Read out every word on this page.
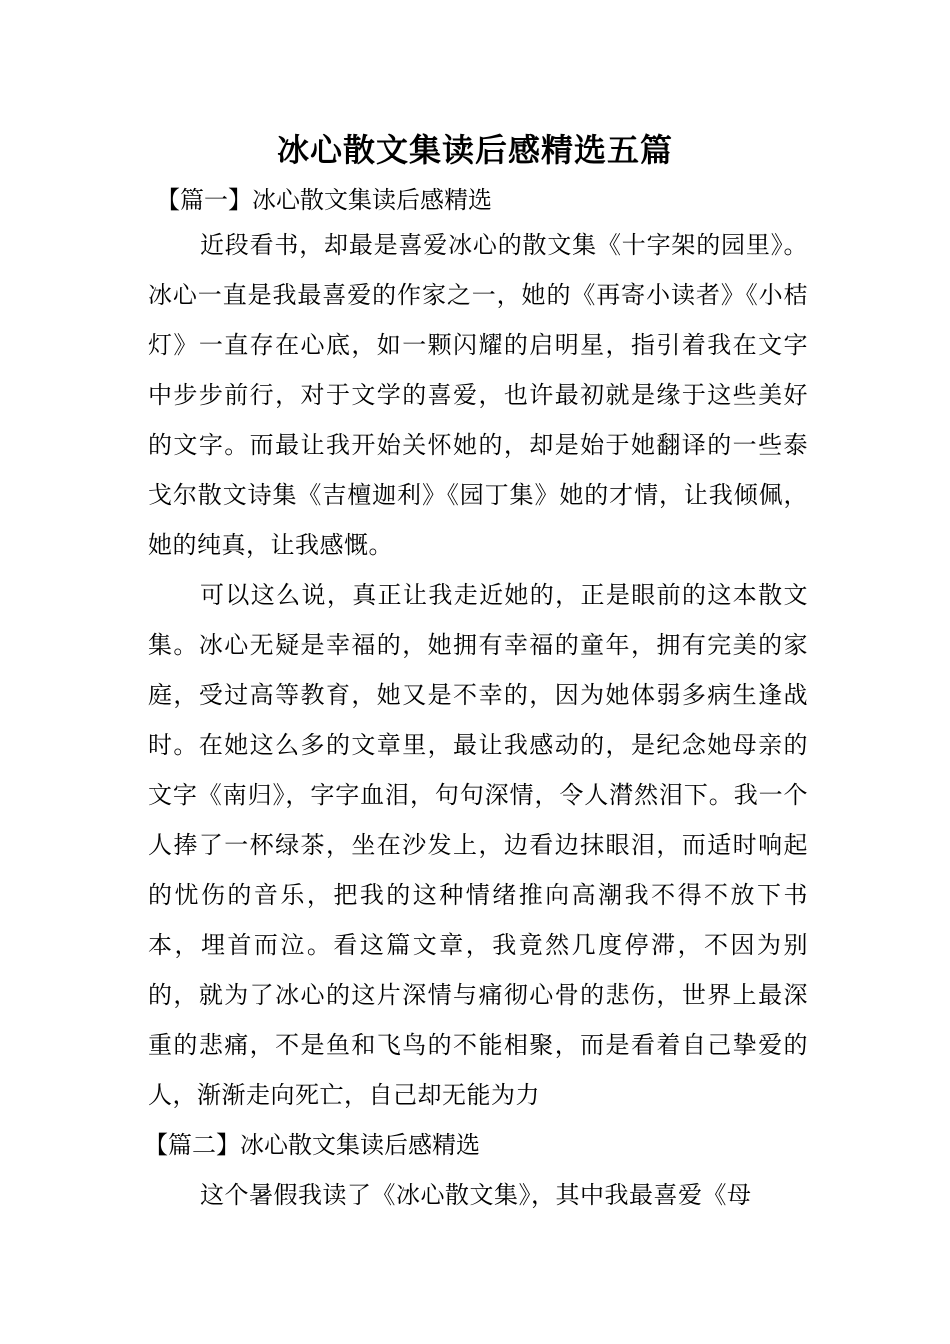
冰心散文集读后感精选五篇
【篇一】冰心散文集读后感精选

近段看书，却最是喜爱冰心的散文集《十字架的园里》。冰心一直是我最喜爱的作家之一，她的《再寄小读者》《小桔灯》一直存在心底，如一颗闪耀的启明星，指引着我在文字中步步前行，对于文学的喜爱，也许最初就是缘于这些美好的文字。而最让我开始关怀她的，却是始于她翻译的一些泰戈尔散文诗集《吉檀迦利》《园丁集》她的才情，让我倾佩，她的纯真，让我感慨。

可以这么说，真正让我走近她的，正是眼前的这本散文集。冰心无疑是幸福的，她拥有幸福的童年，拥有完美的家庭，受过高等教育，她又是不幸的，因为她体弱多病生逢战时。在她这么多的文章里，最让我感动的，是纪念她母亲的文字《南归》，字字血泪，句句深情，令人潸然泪下。我一个人捧了一杯绿茶，坐在沙发上，边看边抹眼泪，而适时响起的忧伤的音乐，把我的这种情绪推向高潮我不得不放下书本，埋首而泣。看这篇文章，我竟然几度停滞，不因为别的，就为了冰心的这片深情与痛彻心骨的悲伤，世界上最深重的悲痛，不是鱼和飞鸟的不能相聚，而是看着自己挚爱的人，渐渐走向死亡，自己却无能为力

【篇二】冰心散文集读后感精选

这个暑假我读了《冰心散文集》，其中我最喜爱《母
